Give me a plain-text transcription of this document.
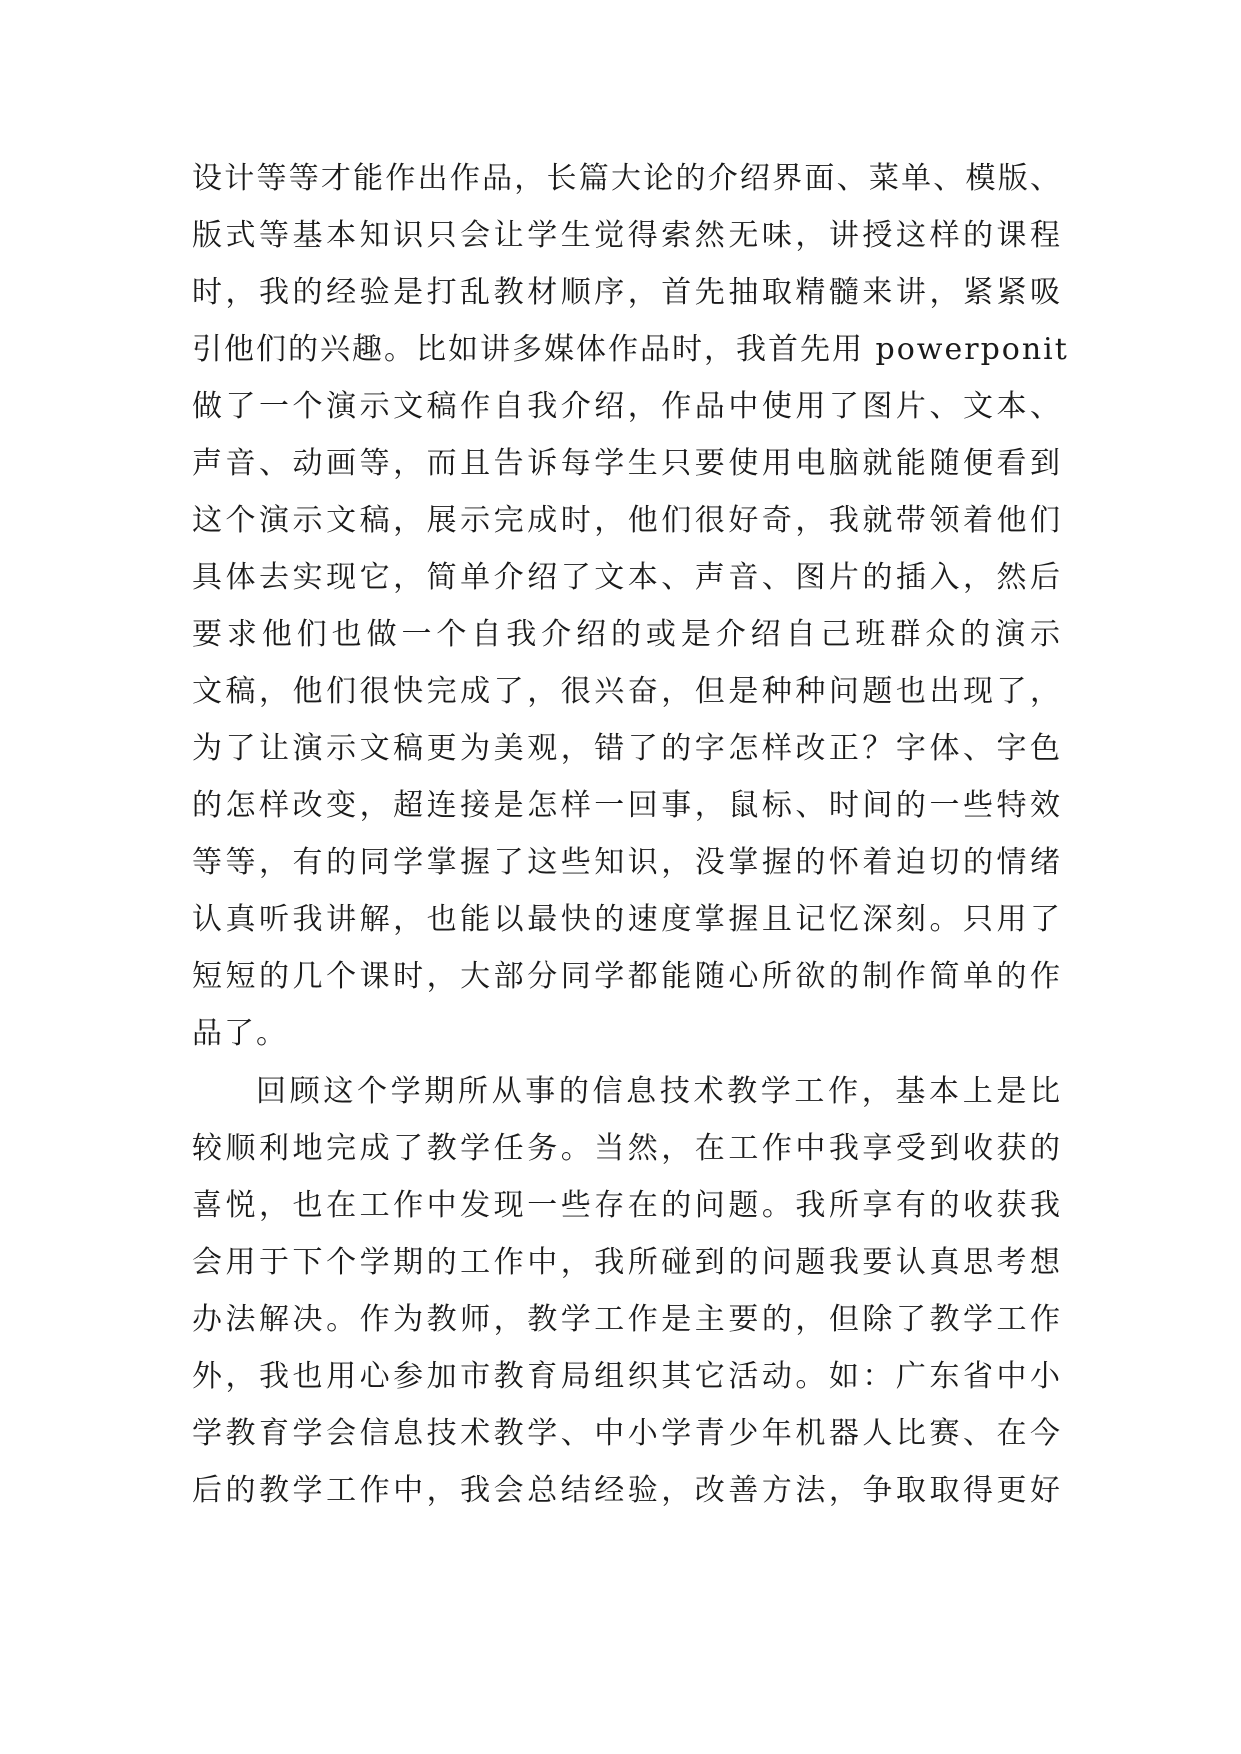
设计等等才能作出作品，长篇大论的介绍界面、菜单、模版、
版式等基本知识只会让学生觉得索然无味，讲授这样的课程
时，我的经验是打乱教材顺序，首先抽取精髓来讲，紧紧吸
引他们的兴趣。比如讲多媒体作品时，我首先用 powerponit
做了一个演示文稿作自我介绍，作品中使用了图片、文本、
声音、动画等，而且告诉每学生只要使用电脑就能随便看到
这个演示文稿，展示完成时，他们很好奇，我就带领着他们
具体去实现它，简单介绍了文本、声音、图片的插入，然后
要求他们也做一个自我介绍的或是介绍自己班群众的演示
文稿，他们很快完成了，很兴奋，但是种种问题也出现了，
为了让演示文稿更为美观，错了的字怎样改正？字体、字色
的怎样改变，超连接是怎样一回事，鼠标、时间的一些特效
等等，有的同学掌握了这些知识，没掌握的怀着迫切的情绪
认真听我讲解，也能以最快的速度掌握且记忆深刻。只用了
短短的几个课时，大部分同学都能随心所欲的制作简单的作
品了。
回顾这个学期所从事的信息技术教学工作，基本上是比
较顺利地完成了教学任务。当然，在工作中我享受到收获的
喜悦，也在工作中发现一些存在的问题。我所享有的收获我
会用于下个学期的工作中，我所碰到的问题我要认真思考想
办法解决。作为教师，教学工作是主要的，但除了教学工作
外，我也用心参加市教育局组织其它活动。如：广东省中小
学教育学会信息技术教学、中小学青少年机器人比赛、在今
后的教学工作中，我会总结经验，改善方法，争取取得更好
